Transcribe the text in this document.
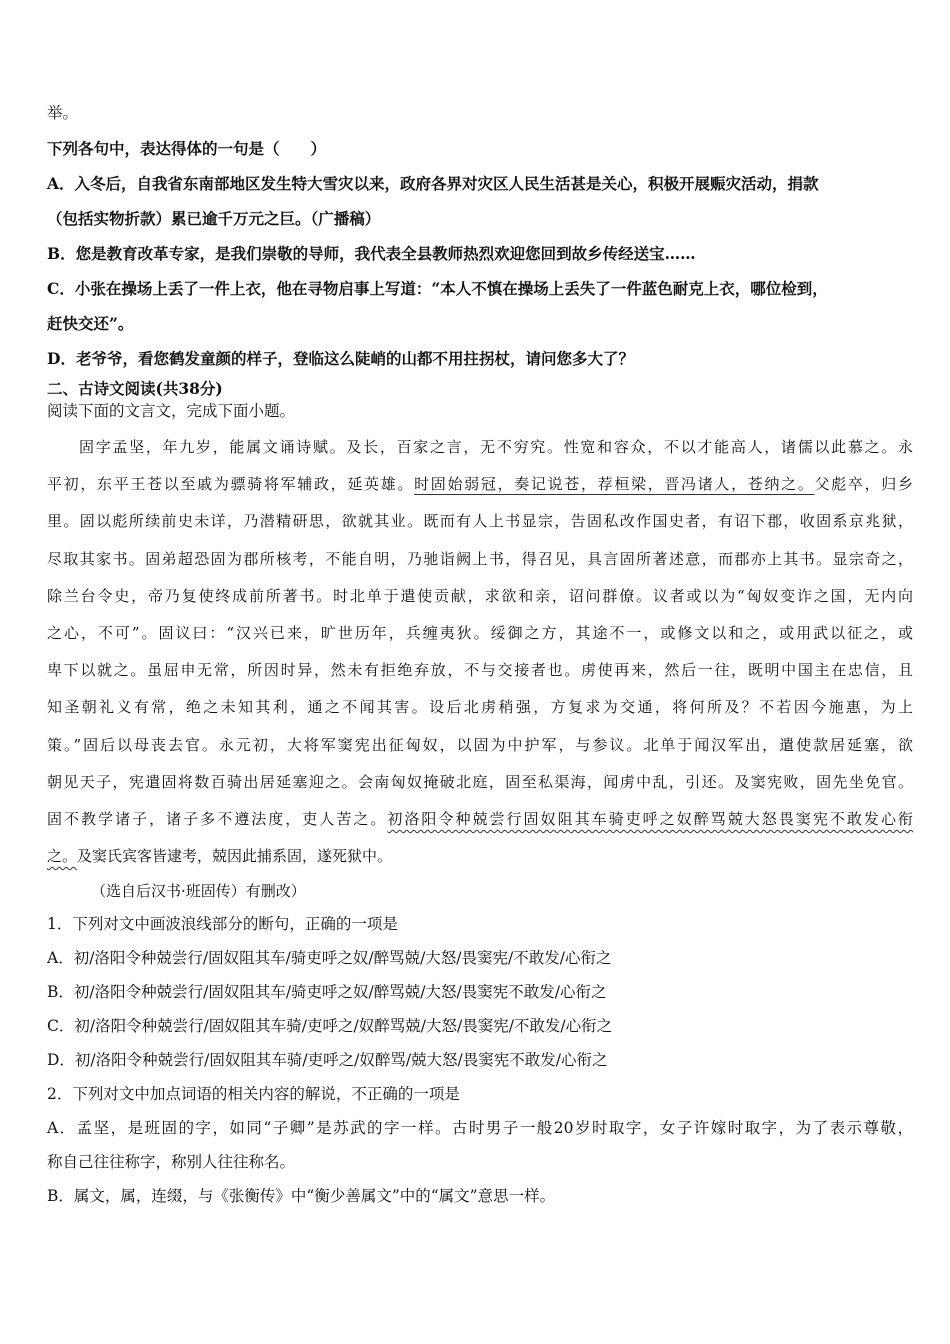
举。
下列各句中，表达得体的一句是（　　）
A．入冬后，自我省东南部地区发生特大雪灾以来，政府各界对灾区人民生活甚是关心，积极开展赈灾活动，捐款
（包括实物折款）累已逾千万元之巨。（广播稿）
B．您是教育改革专家，是我们崇敬的导师，我代表全县教师热烈欢迎您回到故乡传经送宝……
C．小张在操场上丢了一件上衣，他在寻物启事上写道：“本人不慎在操场上丢失了一件蓝色耐克上衣，哪位检到，
赶快交还”。
D．老爷爷，看您鹤发童颜的样子，登临这么陡峭的山都不用拄拐杖，请问您多大了？
二、古诗文阅读(共38分)
阅读下面的文言文，完成下面小题。
固字孟坚，年九岁，能属文诵诗赋。及长，百家之言，无不穷究。性宽和容众，不以才能高人，诸儒以此慕之。永
平初，东平王苍以至戚为骠骑将军辅政，延英雄。时固始弱冠，奏记说苍，荐桓梁，晋冯诸人，苍纳之。父彪卒，归乡
里。固以彪所续前史未详，乃潜精研思，欲就其业。既而有人上书显宗，告固私改作国史者，有诏下郡，收固系京兆狱，
尽取其家书。固弟超恐固为郡所核考，不能自明，乃驰诣阙上书，得召见，具言固所著述意，而郡亦上其书。显宗奇之，
除兰台令史，帝乃复使终成前所著书。时北单于遣使贡献，求欲和亲，诏问群僚。议者或以为“匈奴变诈之国，无内向
之心，不可”。固议曰：“汉兴已来，旷世历年，兵缠夷狄。绥御之方，其途不一，或修文以和之，或用武以征之，或
卑下以就之。虽屈申无常，所因时异，然未有拒绝弃放，不与交接者也。虏使再来，然后一往，既明中国主在忠信，且
知圣朝礼义有常，绝之未知其利，通之不闻其害。设后北虏稍强，方复求为交通，将何所及？不若因今施惠，为上
策。”固后以母丧去官。永元初，大将军窦宪出征匈奴，以固为中护军，与参议。北单于闻汉军出，遣使款居延塞，欲
朝见天子，宪遣固将数百骑出居延塞迎之。会南匈奴掩破北庭，固至私渠海，闻虏中乱，引还。及窦宪败，固先坐免官。
固不教学诸子，诸子多不遵法度，吏人苦之。初洛阳令种兢尝行固奴阻其车骑吏呼之奴醉骂兢大怒畏窦宪不敢发心衔
之。及窦氏宾客皆逮考，兢因此捕系固，遂死狱中。
（选自后汉书·班固传）有删改）
1．下列对文中画波浪线部分的断句，正确的一项是
A．初/洛阳令种兢尝行/固奴阻其车/骑吏呼之奴/醉骂兢/大怒/畏窦宪/不敢发/心衔之
B．初/洛阳令种兢尝行/固奴阻其车/骑吏呼之奴/醉骂兢/大怒/畏窦宪不敢发/心衔之
C．初/洛阳令种兢尝行/固奴阻其车骑/吏呼之/奴醉骂兢/大怒/畏窦宪/不敢发/心衔之
D．初/洛阳令种兢尝行/固奴阻其车骑/吏呼之/奴醉骂/兢大怒/畏窦宪不敢发/心衔之
2．下列对文中加点词语的相关内容的解说，不正确的一项是
A．孟坚，是班固的字，如同“子卿”是苏武的字一样。古时男子一般20岁时取字，女子许嫁时取字，为了表示尊敬，
称自己往往称字，称别人往往称名。
B．属文，属，连缀，与《张衡传》中“衡少善属文”中的“属文”意思一样。
